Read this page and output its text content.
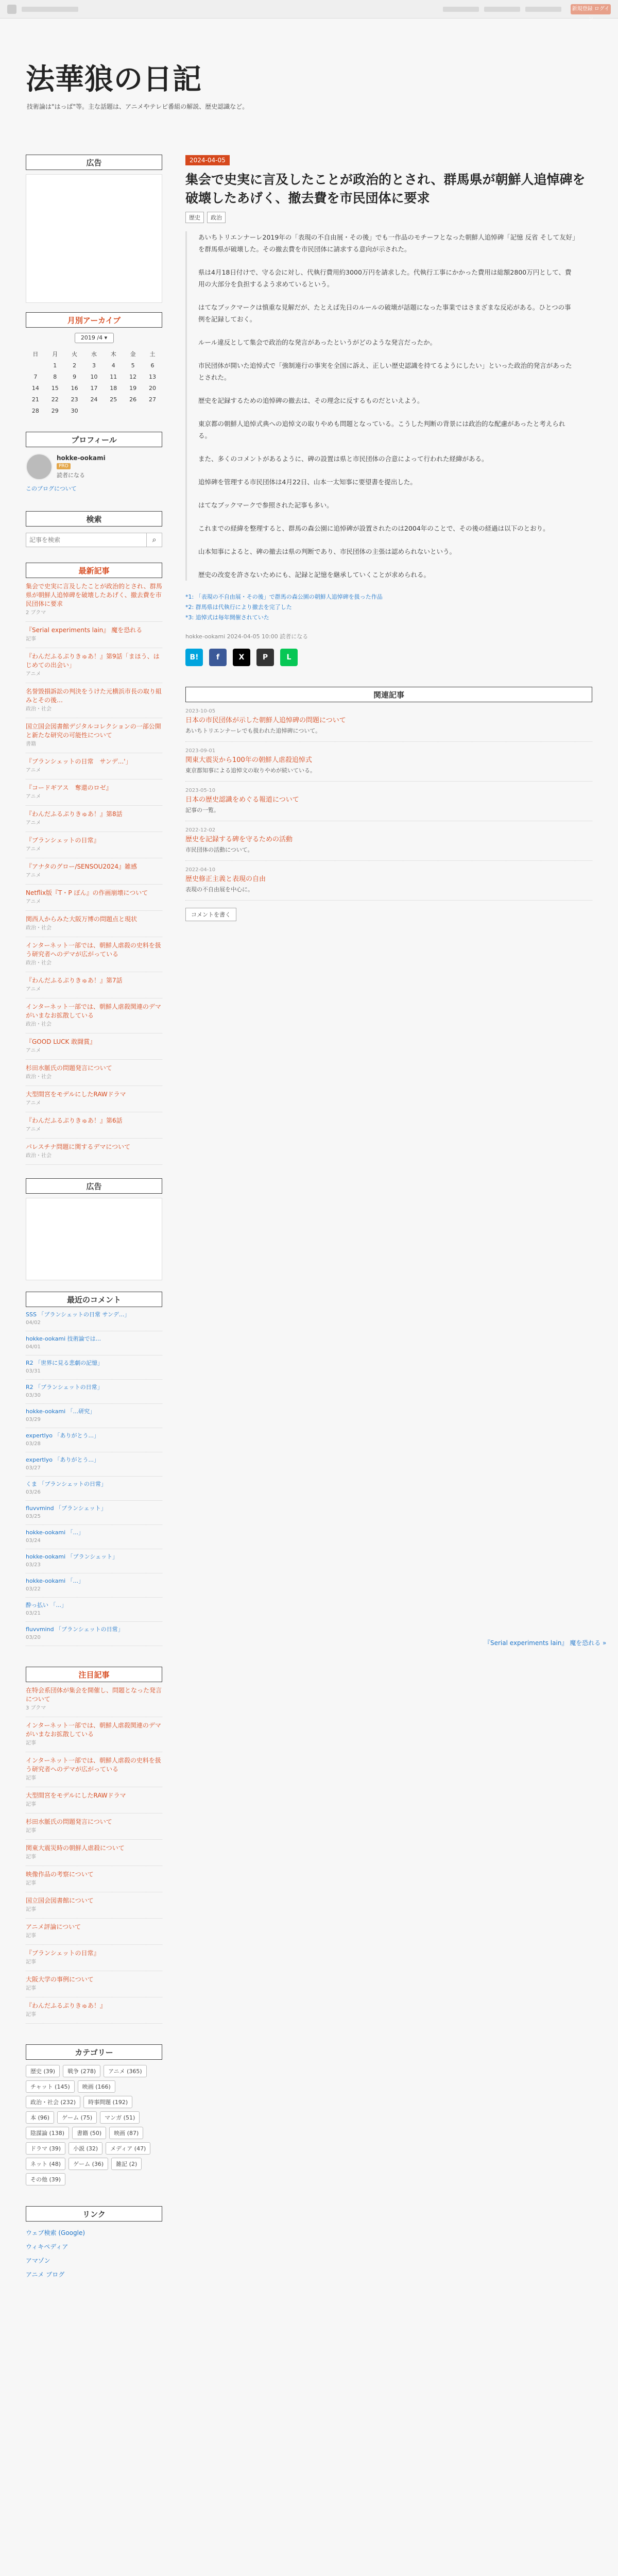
新規登録 ログイン
法華狼の日記
技術論は"はっぱ"等。主な話題は、アニメやテレビ番組の解説、歴史認識など。
広告
月別アーカイブ
2019 /4 ▾
日	月	火	水	木	金	土
	1	2	3	4	5	6
7	8	9	10	11	12	13
14	15	16	17	18	19	20
21	22	23	24	25	26	27
28	29	30				
プロフィール
hokke-ookami
PRO
読者になる
このブログについて
検索
記事を検索
⌕
最新記事
集会で史実に言及したことが政治的とされ、群馬県が朝鮮人追悼碑を破壊したあげく、撤去費を市民団体に要求
2 ブクマ
『Serial experiments lain』 魔を恐れる
記事
『わんだふるぷりきゅあ！』第9話「まほう、はじめての出会い」
アニメ
名誉毀損訴訟の判決をうけた元横浜市長の取り組みとその後…
政治・社会
国立国会図書館デジタルコレクションの一部公開と新たな研究の可能性について
書籍
『ブランシェットの日常　サンデ...'」
アニメ
『コードギアス　奪還のロゼ』
アニメ
『わんだふるぷりきゅあ！』第8話
アニメ
『ブランシェットの日常』
アニメ
『アナタのグロー/SENSOU2024』雑感
アニメ
Netflix版『T・P ぼん』の作画崩壊について
アニメ
関西人からみた大阪万博の問題点と現状
政治・社会
インターネット一部では、朝鮮人虐殺の史料を扱う研究者へのデマが広がっている
政治・社会
『わんだふるぷりきゅあ！』第7話
アニメ
インターネット一部では、朝鮮人虐殺関連のデマがいまなお拡散している
政治・社会
『GOOD LUCK 敢闘賞』
アニメ
杉田水脈氏の問題発言について
政治・社会
大型間宮をモデルにしたRAWドラマ
アニメ
『わんだふるぷりきゅあ！』第6話
アニメ
パレスチナ問題に関するデマについて
政治・社会
広告
最近のコメント
SSS 「ブランシェットの日常 サンデ...」
04/02
hokke-ookami 技術論では...
04/01
R2 「世界に見る悲劇の記憶」
03/31
R2 「ブランシェットの日常」
03/30
hokke-ookami 「...研究」
03/29
expertlyo 「ありがとう...」
03/28
expertlyo 「ありがとう...」
03/27
くま 「ブランシェットの日常」
03/26
fluvvmind 「ブランシェット」
03/25
hokke-ookami 「...」
03/24
hokke-ookami 「ブランシェット」
03/23
hokke-ookami 「...」
03/22
酔っ払い 「...」
03/21
fluvvmind 「ブランシェットの日常」
03/20
注目記事
在特会系団体が集会を開催し、問題となった発言について
3 ブクマ
インターネット一部では、朝鮮人虐殺関連のデマがいまなお拡散している
記事
インターネット一部では、朝鮮人虐殺の史料を扱う研究者へのデマが広がっている
記事
大型間宮をモデルにしたRAWドラマ
記事
杉田水脈氏の問題発言について
記事
関東大震災時の朝鮮人虐殺について
記事
映像作品の考察について
記事
国立国会図書館について
記事
アニメ評論について
記事
『ブランシェットの日常』
記事
大阪大学の事例について
記事
『わんだふるぷりきゅあ！』
記事
カテゴリー
歴史 (39)	戦争 (278)	アニメ (365)
チャット (145)	映画 (166)
政治・社会 (232)	時事問題 (192)
本 (96)	ゲーム (75)	マンガ (51)
陰謀論 (138)	書籍 (50)	映画 (87)
ドラマ (39)	小説 (32)	メディア (47)
ネット (48)	ゲーム (36)	雑記 (2)
その他 (39)
リンク
ウェブ検索 (Google)
ウィキペディア
アマゾン
アニメ ブログ
2024-04-05
集会で史実に言及したことが政治的とされ、群馬県が朝鮮人追悼碑を破壊したあげく、撤去費を市民団体に要求
歴史	政治

あいちトリエンナーレ2019年の「表現の不自由展・その後」でも一作品のモチーフとなった朝鮮人追悼碑「記憶 反省 そして友好」を群馬県が破壊した。その撤去費を市民団体に請求する意向が示された。

県は4月18日付けで、守る会に対し、代執行費用約3000万円を請求した。代執行工事にかかった費用は総額2800万円として、費用の大部分を負担するよう求めているという。

はてなブックマークは慎重な見解だが、たとえば先日のルールの破壊が話題になった事業ではさまざまな反応がある。ひとつの事例を記録しておく。

ルール違反として集会で政治的な発言があったというがどのような発言だったか。

市民団体が開いた追悼式で「強制連行の事実を全国に訴え、正しい歴史認識を持てるようにしたい」といった政治的発言があったとされた。

歴史を記録するための追悼碑の撤去は、その理念に反するものだといえよう。

東京都の朝鮮人追悼式典への追悼文の取りやめも問題となっている。こうした判断の背景には政治的な配慮があったと考えられる。

また、多くのコメントがあるように、碑の設置は県と市民団体の合意によって行われた経緯がある。

追悼碑を管理する市民団体は4月22日、山本一太知事に要望書を提出した。

はてなブックマークで参照された記事も多い。

これまでの経緯を整理すると、群馬の森公園に追悼碑が設置されたのは2004年のことで、その後の経過は以下のとおり。

山本知事によると、碑の撤去は県の判断であり、市民団体の主張は認められないという。

歴史の改変を許さないためにも、記録と記憶を継承していくことが求められる。

*1: 「表現の不自由展・その後」で群馬の森公園の朝鮮人追悼碑を扱った作品
*2: 群馬県は代執行により撤去を完了した
*3: 追悼式は毎年開催されていた
hokke-ookami 2024-04-05 10:00 読者になる
B!	f	X	P	L
関連記事
2023-10-05
日本の市民団体が示した朝鮮人追悼碑の問題について
あいちトリエンナーレでも扱われた追悼碑について。
2023-09-01
関東大震災から100年の朝鮮人虐殺追悼式
東京都知事による追悼文の取りやめが続いている。
2023-05-10
日本の歴史認識をめぐる報道について
記事の一覧。
2022-12-02
歴史を記録する碑を守るための活動
市民団体の活動について。
2022-04-10
歴史修正主義と表現の自由
表現の不自由展を中心に。
コメントを書く
『Serial experiments lain』 魔を恐れる »
